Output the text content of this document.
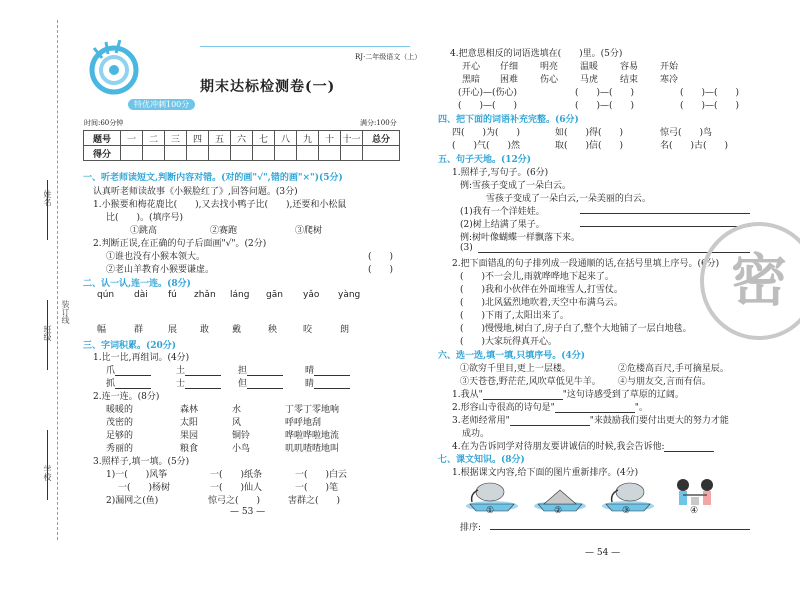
姓名
班级
装订线
学校
RJ·二年级语文（上）
期末达标检测卷(一)
特优冲刺100分
时间:60分钟	满分:100分
题号	一	二	三	四	五	六	七	八	九	十	十一	总分
得分												
一、听老师读短文,判断内容对错。(对的画"√",错的画"×")(5分)
认真听老师读故事《小猴脸红了》,回答问题。(3分)
1.小猴要和梅花鹿比(　　),又去找小鸭子比(　　),还要和小松鼠
比(　　)。(填序号)
①跳高	②赛跑	③爬树
2.判断正误,在正确的句子后面画"√"。(2分)
①谁也没有小猴本领大。	(　　)
②老山羊教育小猴要谦虚。	(　　)
二、认一认,连一连。(8分)
qún dài fú zhǎn láng gān yǎo yàng
幅	群	展	敢	戴	秧	咬	朗
三、字词积累。(20分)
1.比一比,再组词。(4分)
爪	土	担	晴
抓	士	但	睛
2.连一连。(8分)
暖暖的	森林	水	丁零丁零地响
茂密的	太阳	风	呼呼地刮
足够的	果园	铜铃	哗啦哗啦地流
秀丽的	粮食	小鸟	叽叽喳喳地叫
3.照样子,填一填。(5分)
1)一(　　)风筝	一(　　)纸条	一(　　)白云
一(　　)杨树	一(　　)仙人	一(　　)笔
2)漏网之(鱼)	惊弓之(　　)	害群之(　　)
— 53 —
4.把意思相反的词语选填在(　　)里。(5分)
开心 仔细 明亮 温暖 容易 开始
黑暗 困难 伤心 马虎 结束 寒冷
(开心)—(伤心)	(　　)—(　　)	(　　)—(　　)
(　　)—(　　)	(　　)—(　　)	(　　)—(　　)
四、把下面的词语补充完整。(6分)
四(　　)为(　　)	如(　　)得(　　)	惊弓(　　)鸟
(　　)气(　　)然	取(　　)信(　　)	名(　　)古(　　)
五、句子天地。(12分)
1.照样子,写句子。(6分)
例:雪孩子变成了一朵白云。
雪孩子变成了一朵白云,一朵美丽的白云。
(1)我有一个洋娃娃。
(2)树上结满了果子。
例:树叶像蝴蝶一样飘落下来。
(3)
2.把下面错乱的句子排列成一段通顺的话,在括号里填上序号。(6分)
(　　)不一会儿,雨就哗哗地下起来了。
(　　)我和小伙伴在外面堆雪人,打雪仗。
(　　)北风猛烈地吹着,天空中布满乌云。
(　　)下雨了,太阳出来了。
(　　)慢慢地,树白了,房子白了,整个大地铺了一层白地毯。
(　　)大家玩得真开心。
六、选一选,填一填,只填序号。(4分)
①欲穷千里目,更上一层楼。	②危楼高百尺,手可摘星辰。
③天苍苍,野茫茫,风吹草低见牛羊。 ④与朋友交,言而有信。
1.我从"	"这句诗感受到了草原的辽阔。
2.形容山寺很高的诗句是"	"。
3.老师经常用"	"来鼓励我们要付出更大的努力才能
成功。
4.在为告诉同学对待朋友要讲诚信的时候,我会告诉他:
七、课文知识。(8分)
1.根据课文内容,给下面的图片重新排序。(4分)
①	②	③	④
排序:
— 54 —
密
